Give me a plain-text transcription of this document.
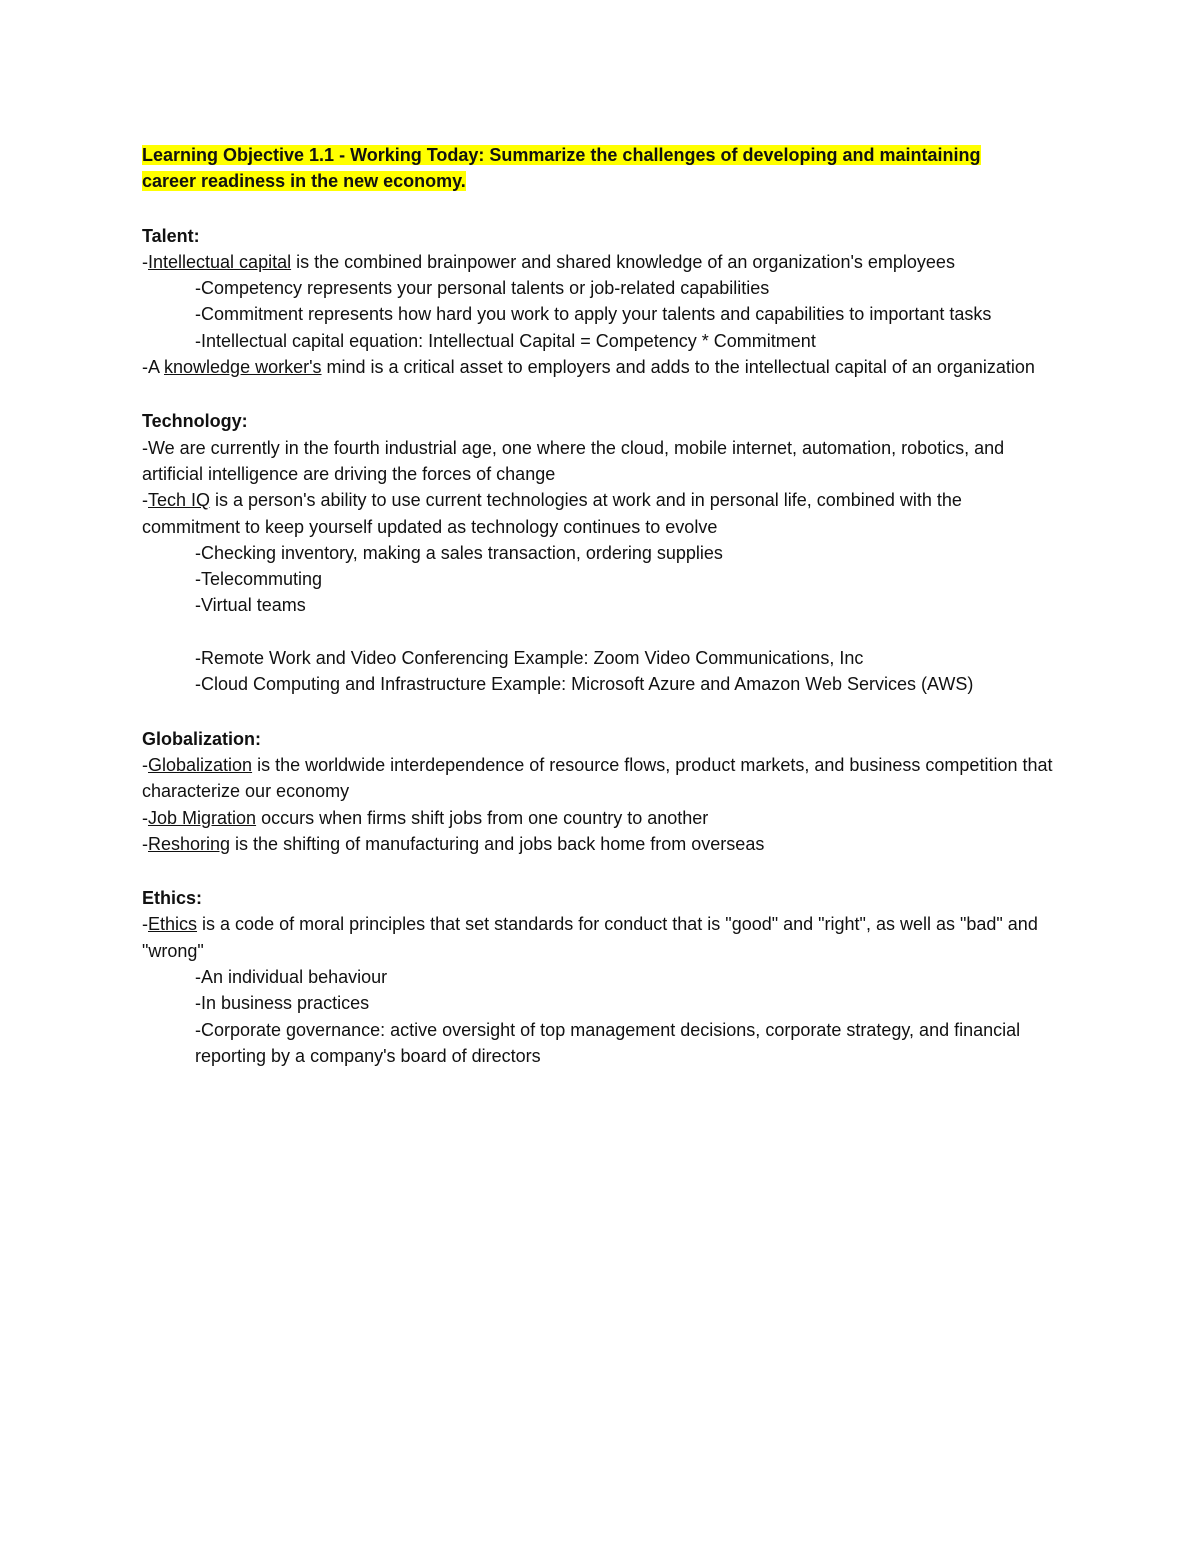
Learning Objective 1.1 - Working Today: Summarize the challenges of developing and maintaining
career readiness in the new economy.

Talent:

-Intellectual capital is the combined brainpower and shared knowledge of an organization's employees

-Competency represents your personal talents or job-related capabilities

-Commitment represents how hard you work to apply your talents and capabilities to important tasks

-Intellectual capital equation: Intellectual Capital = Competency * Commitment

-A knowledge worker's mind is a critical asset to employers and adds to the intellectual capital of an organization

Technology:

-We are currently in the fourth industrial age, one where the cloud, mobile internet, automation, robotics, and artificial intelligence are driving the forces of change

-Tech IQ is a person's ability to use current technologies at work and in personal life, combined with the commitment to keep yourself updated as technology continues to evolve

-Checking inventory, making a sales transaction, ordering supplies

-Telecommuting

-Virtual teams

-Remote Work and Video Conferencing Example: Zoom Video Communications, Inc

-Cloud Computing and Infrastructure Example: Microsoft Azure and Amazon Web Services (AWS)

Globalization:

-Globalization is the worldwide interdependence of resource flows, product markets, and business competition that characterize our economy

-Job Migration occurs when firms shift jobs from one country to another

-Reshoring is the shifting of manufacturing and jobs back home from overseas

Ethics:

-Ethics is a code of moral principles that set standards for conduct that is "good" and "right", as well as "bad" and "wrong"

-An individual behaviour

-In business practices

-Corporate governance: active oversight of top management decisions, corporate strategy, and financial reporting by a company's board of directors
